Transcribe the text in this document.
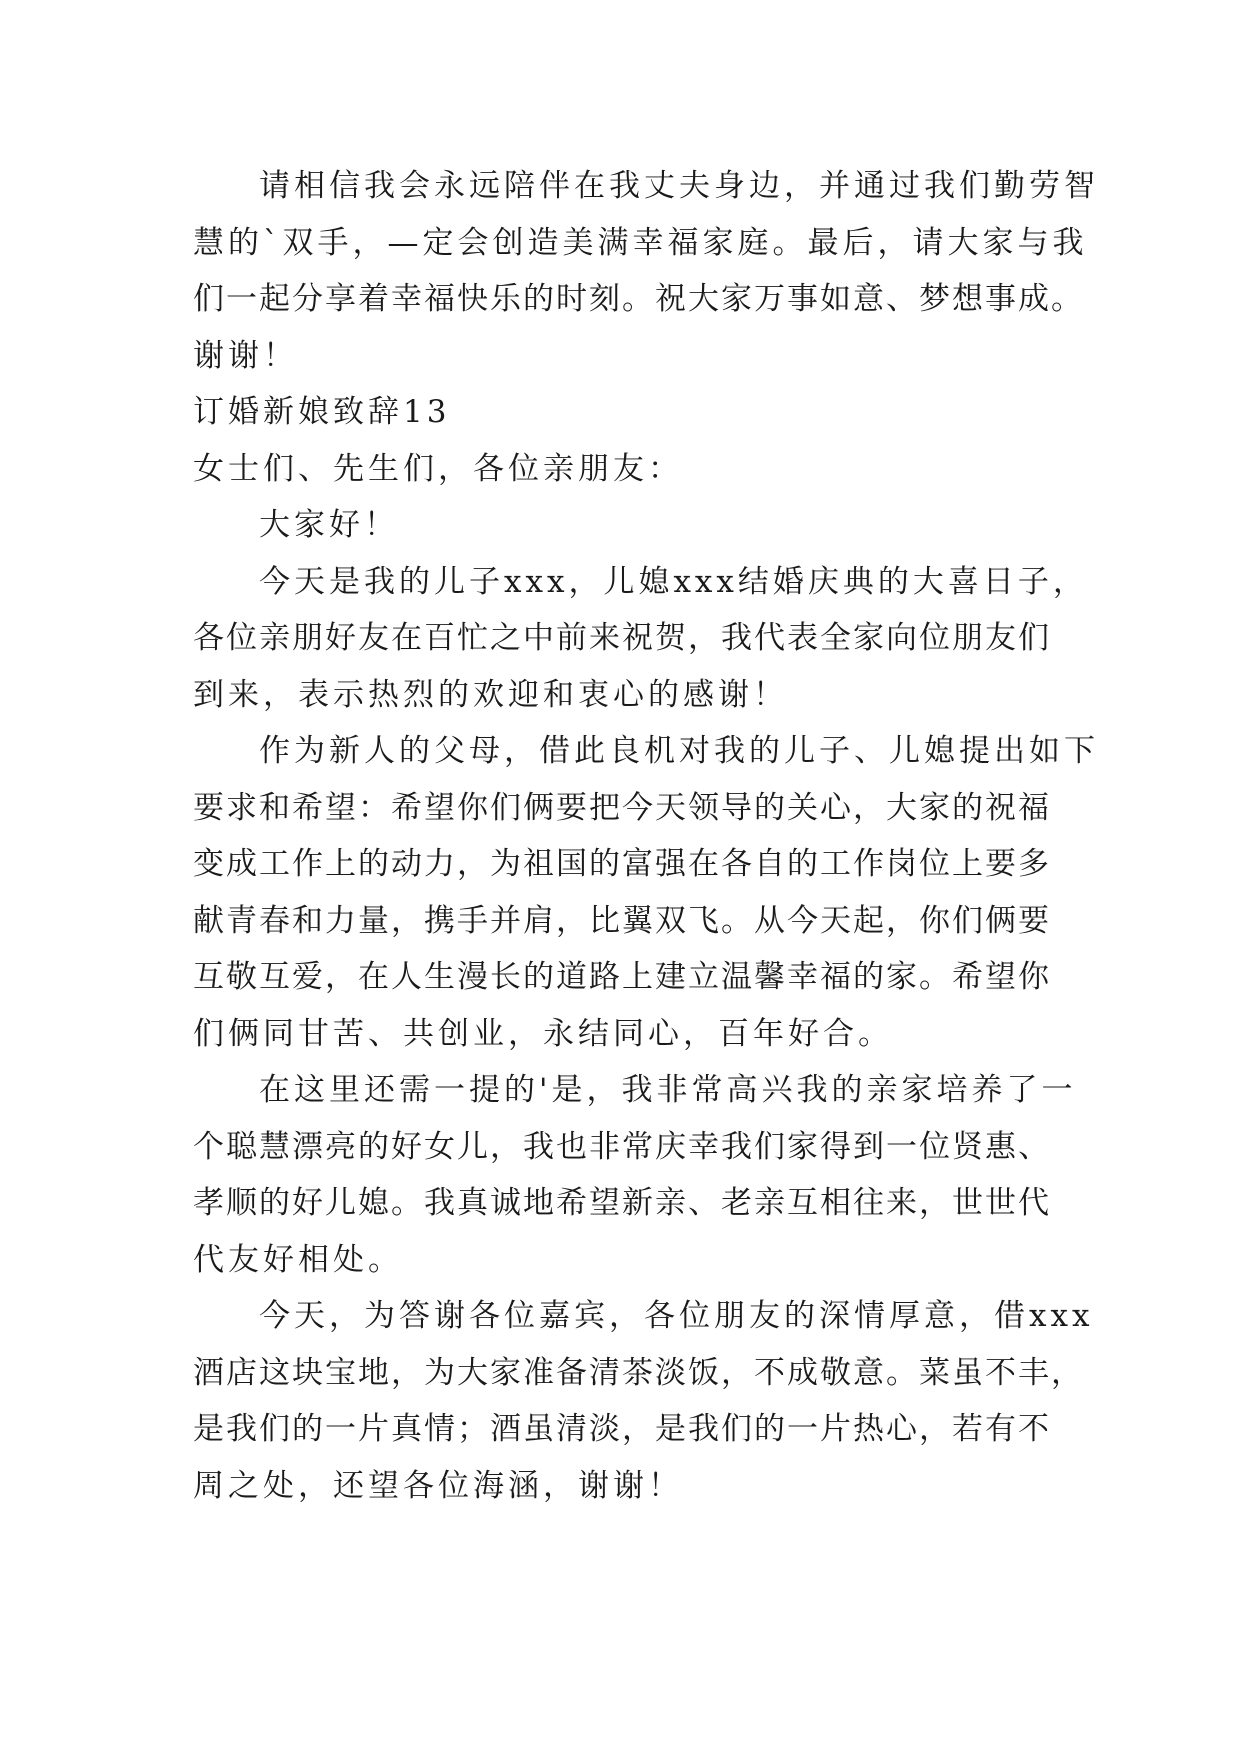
请相信我会永远陪伴在我丈夫身边，并通过我们勤劳智
慧的`双手，—定会创造美满幸福家庭。最后，请大家与我
们一起分享着幸福快乐的时刻。祝大家万事如意、梦想事成。
谢谢！
订婚新娘致辞13
女士们、先生们，各位亲朋友：
大家好！
今天是我的儿子xxx，儿媳xxx结婚庆典的大喜日子，
各位亲朋好友在百忙之中前来祝贺，我代表全家向位朋友们
到来，表示热烈的欢迎和衷心的感谢！
作为新人的父母，借此良机对我的儿子、儿媳提出如下
要求和希望：希望你们俩要把今天领导的关心，大家的祝福
变成工作上的动力，为祖国的富强在各自的工作岗位上要多
献青春和力量，携手并肩，比翼双飞。从今天起，你们俩要
互敬互爱，在人生漫长的道路上建立温馨幸福的家。希望你
们俩同甘苦、共创业，永结同心，百年好合。
在这里还需一提的'是，我非常高兴我的亲家培养了一
个聪慧漂亮的好女儿，我也非常庆幸我们家得到一位贤惠、
孝顺的好儿媳。我真诚地希望新亲、老亲互相往来，世世代
代友好相处。
今天，为答谢各位嘉宾，各位朋友的深情厚意，借xxx
酒店这块宝地，为大家准备清茶淡饭，不成敬意。菜虽不丰，
是我们的一片真情；酒虽清淡，是我们的一片热心，若有不
周之处，还望各位海涵，谢谢！
